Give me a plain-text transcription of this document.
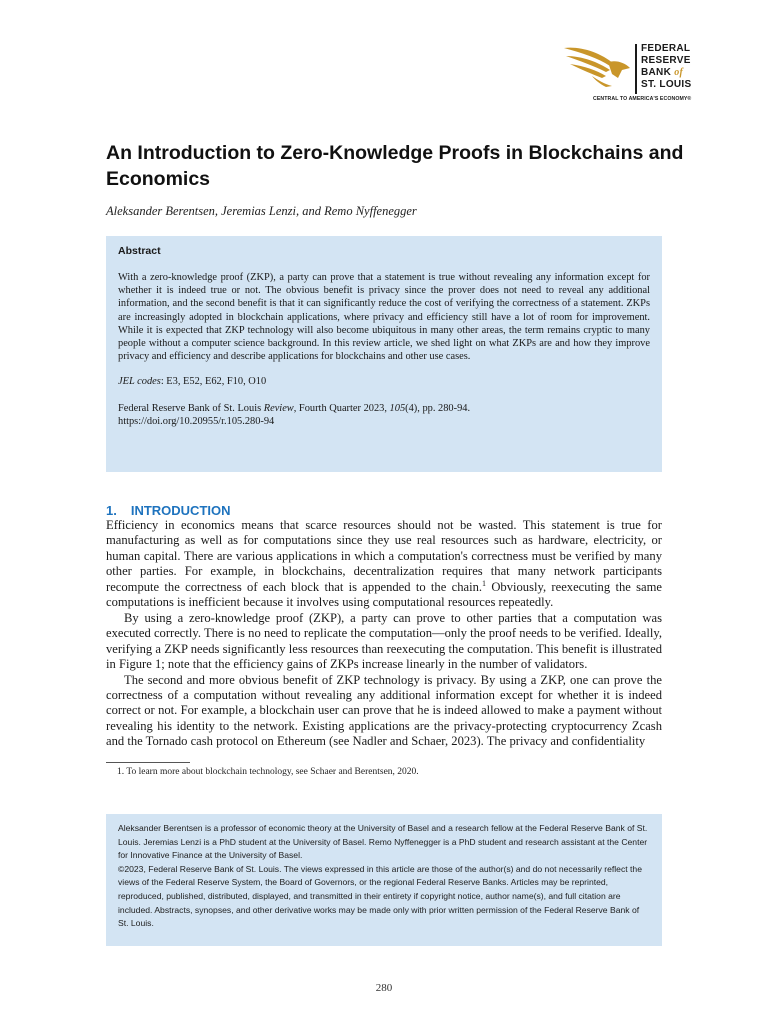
FEDERAL
RESERVE
BANK of
ST. LOUIS
CENTRAL TO AMERICA'S ECONOMY®
An Introduction to Zero-Knowledge Proofs in Blockchains and Economics
Aleksander Berentsen, Jeremias Lenzi, and Remo Nyffenegger
Abstract

With a zero-knowledge proof (ZKP), a party can prove that a statement is true without revealing any information except for whether it is indeed true or not. The obvious benefit is privacy since the prover does not need to reveal any additional information, and the second benefit is that it can significantly reduce the cost of verifying the correctness of a statement. ZKPs are increasingly adopted in blockchain applications, where privacy and efficiency still have a lot of room for improvement. While it is expected that ZKP technology will also become ubiquitous in many other areas, the term remains cryptic to many people without a computer science background. In this review article, we shed light on what ZKPs are and how they improve privacy and efficiency and describe applications for blockchains and other use cases.

JEL codes: E3, E52, E62, F10, O10

Federal Reserve Bank of St. Louis Review, Fourth Quarter 2023, 105(4), pp. 280-94.
https://doi.org/10.20955/r.105.280-94

1. INTRODUCTION

Efficiency in economics means that scarce resources should not be wasted. This statement is true for manufacturing as well as for computations since they use real resources such as hardware, electricity, or human capital. There are various applications in which a computation's correctness must be verified by many other parties. For example, in blockchains, decentralization requires that many network participants recompute the correctness of each block that is appended to the chain.$^1$ Obviously, reexecuting the same computations is inefficient because it involves using computational resources repeatedly.

By using a zero-knowledge proof (ZKP), a party can prove to other parties that a computation was executed correctly. There is no need to replicate the computation—only the proof needs to be verified. Ideally, verifying a ZKP needs significantly less resources than reexecuting the computation. This benefit is illustrated in Figure 1; note that the efficiency gains of ZKPs increase linearly in the number of validators.

The second and more obvious benefit of ZKP technology is privacy. By using a ZKP, one can prove the correctness of a computation without revealing any additional information except for whether it is indeed correct or not. For example, a blockchain user can prove that he is indeed allowed to make a payment without revealing his identity to the network. Existing applications are the privacy-protecting cryptocurrency Zcash and the Tornado cash protocol on Ethereum (see Nadler and Schaer, 2023). The privacy and confidentiality

1. To learn more about blockchain technology, see Schaer and Berentsen, 2020.

Aleksander Berentsen is a professor of economic theory at the University of Basel and a research fellow at the Federal Reserve Bank of St. Louis. Jeremias Lenzi is a PhD student at the University of Basel. Remo Nyffenegger is a PhD student and research assistant at the Center for Innovative Finance at the University of Basel.

©2023, Federal Reserve Bank of St. Louis. The views expressed in this article are those of the author(s) and do not necessarily reflect the views of the Federal Reserve System, the Board of Governors, or the regional Federal Reserve Banks. Articles may be reprinted, reproduced, published, distributed, displayed, and transmitted in their entirety if copyright notice, author name(s), and full citation are included. Abstracts, synopses, and other derivative works may be made only with prior written permission of the Federal Reserve Bank of St. Louis.

280
